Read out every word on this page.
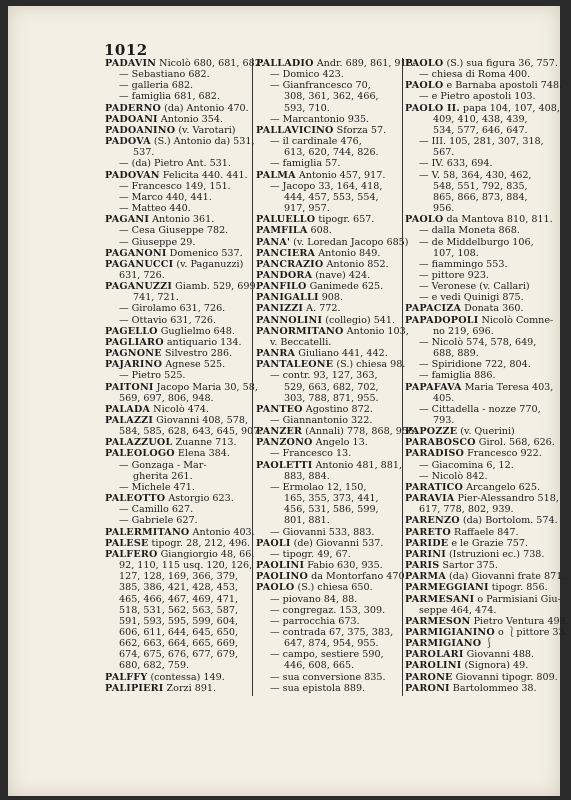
1012
PADAVIN Nicolò 680, 681, 682.
— Sebastiano 682.
— galleria 682.
— famiglia 681, 682.
PADERNO (da) Antonio 470.
PADOANI Antonio 354.
PADOANINO (v. Varotari)
PADOVA (S.) Antonio da) 531,
537.
— (da) Pietro Ant. 531.
PADOVAN Felicita 440. 441.
— Francesco 149, 151.
— Marco 440, 441.
— Matteo 440.
PAGANI Antonio 361.
— Cesa Giuseppe 782.
— Giuseppe 29.
PAGANONI Domenico 537.
PAGANUCCI (v. Paganuzzi)
631, 726.
PAGANUZZI Giamb. 529, 699.
741, 721.
— Girolamo 631, 726.
— Ottavio 631, 726.
PAGELLO Guglielmo 648.
PAGLIARO antiquario 134.
PAGNONE Silvestro 286.
PAJARINO Agnese 525.
— Pietro 525.
PAITONI Jacopo Maria 30, 58,
569, 697, 806, 948.
PALADA Nicolò 474.
PALAZZI Giovanni 408, 578,
584, 585, 628, 643, 645, 907.
PALAZZUOL Zuanne 713.
PALEOLOGO Elena 384.
— Gonzaga - Mar-
gherita 261.
— Michele 471.
PALEOTTO Astorgio 623.
— Camillo 627.
— Gabriele 627.
PALERMITANO Antonio 403.
PALESE tipogr. 28, 212, 496.
PALFERO Giangiorgio 48, 66,
92, 110, 115 usq. 120, 126,
127, 128, 169, 366, 379,
385, 386, 421, 428, 453,
465, 466, 467, 469, 471,
518, 531, 562, 563, 587,
591, 593, 595, 599, 604,
606, 611, 644, 645, 650,
662, 663, 664, 665, 669,
674, 675, 676, 677, 679,
680, 682, 759.
PALFFY (contessa) 149.
PALIPIERI Zorzi 891.
PALLADIO Andr. 689, 861, 918.
— Domico 423.
— Gianfrancesco 70,
308, 361, 362, 466,
593, 710.
— Marcantonio 935.
PALLAVICINO Sforza 57.
— il cardinale 476,
613, 620, 744, 826.
— famiglia 57.
PALMA Antonio 457, 917.
— Jacopo 33, 164, 418,
444, 457, 553, 554,
917, 957.
PALUELLO tipogr. 657.
PAMFILA 608.
PANA' (v. Loredan Jacopo 685)
PANCIERA Antonio 849.
PANCRAZIO Antonio 852.
PANDORA (nave) 424.
PANFILO Ganimede 625.
PANIGALLI 908.
PANIZZI A. 772.
PANNOLINI (collegio) 541.
PANORMITANO Antonio 103,
v. Beccatelli.
PANRA Giuliano 441, 442.
PANTALEONE (S.) chiesa 98.
— contr. 93, 127, 363,
529, 663, 682, 702,
303, 788, 871, 955.
PANTEO Agostino 872.
— Giannantonio 322.
PANZER (Annali) 778, 868, 956.
PANZONO Angelo 13.
— Francesco 13.
PAOLETTI Antonio 481, 881,
883, 884.
— Ermolao 12, 150,
165, 355, 373, 441,
456, 531, 586, 599,
801, 881.
— Giovanni 533, 883.
PAOLI (de) Giovanni 537.
— tipogr. 49, 67.
PAOLINI Fabio 630, 935.
PAOLINO da Montorfano 470.
PAOLO (S.) chiesa 650.
— piovano 84, 88.
— congregaz. 153, 309.
— parrocchia 673.
— contrada 67, 375, 383,
647, 874, 954, 955.
— campo, sestiere 590,
446, 608, 665.
— sua conversione 835.
— sua epistola 889.
PAOLO (S.) sua figura 36, 757.
— chiesa di Roma 400.
PAOLO e Barnaba apostoli 748.
— e Pietro apostoli 103.
PAOLO II. papa 104, 107, 408,
409, 410, 438, 439,
534, 577, 646, 647.
— III. 105, 281, 307, 318,
567.
— IV. 633, 694.
— V. 58, 364, 430, 462,
548, 551, 792, 835,
865, 866, 873, 884,
956.
PAOLO da Mantova 810, 811.
— dalla Moneta 868.
— de Middelburgo 106,
107, 108.
— fiammingo 553.
— pittore 923.
— Veronese (v. Callari)
— e vedi Quinigi 875.
PAPACIZA Donata 360.
PAPADOPOLI Nicolò Comne-
no 219, 696.
— Nicolò 574, 578, 649,
688, 889.
— Spiridione 722, 804.
— famiglia 886.
PAPAFAVA Maria Teresa 403,
405.
— Cittadella - nozze 770,
793.
PAPOZZE (v. Querini)
PARABOSCO Girol. 568, 626.
PARADISO Francesco 922.
— Giacomina 6, 12.
— Nicolò 842.
PARATICO Arcangelo 625.
PARAVIA Pier-Alessandro 518,
617, 778, 802, 939.
PARENZO (da) Bortolom. 574.
PARETO Raffaele 847.
PARIDE e le Grazie 757.
PARINI (Istruzioni ec.) 738.
PARIS Sartor 375.
PARMA (da) Giovanni frate 871.
PARMEGGIANI tipogr. 856.
PARMESANI o Parmisiani Giu-
seppe 464, 474.
PARMESON Pietro Ventura 498.
PARMIGIANINO o ⎱pittore 33.
PARMIGIANO ⎰
PAROLARI Giovanni 488.
PAROLINI (Signora) 49.
PARONE Giovanni tipogr. 809.
PARONI Bartolommeo 38.
